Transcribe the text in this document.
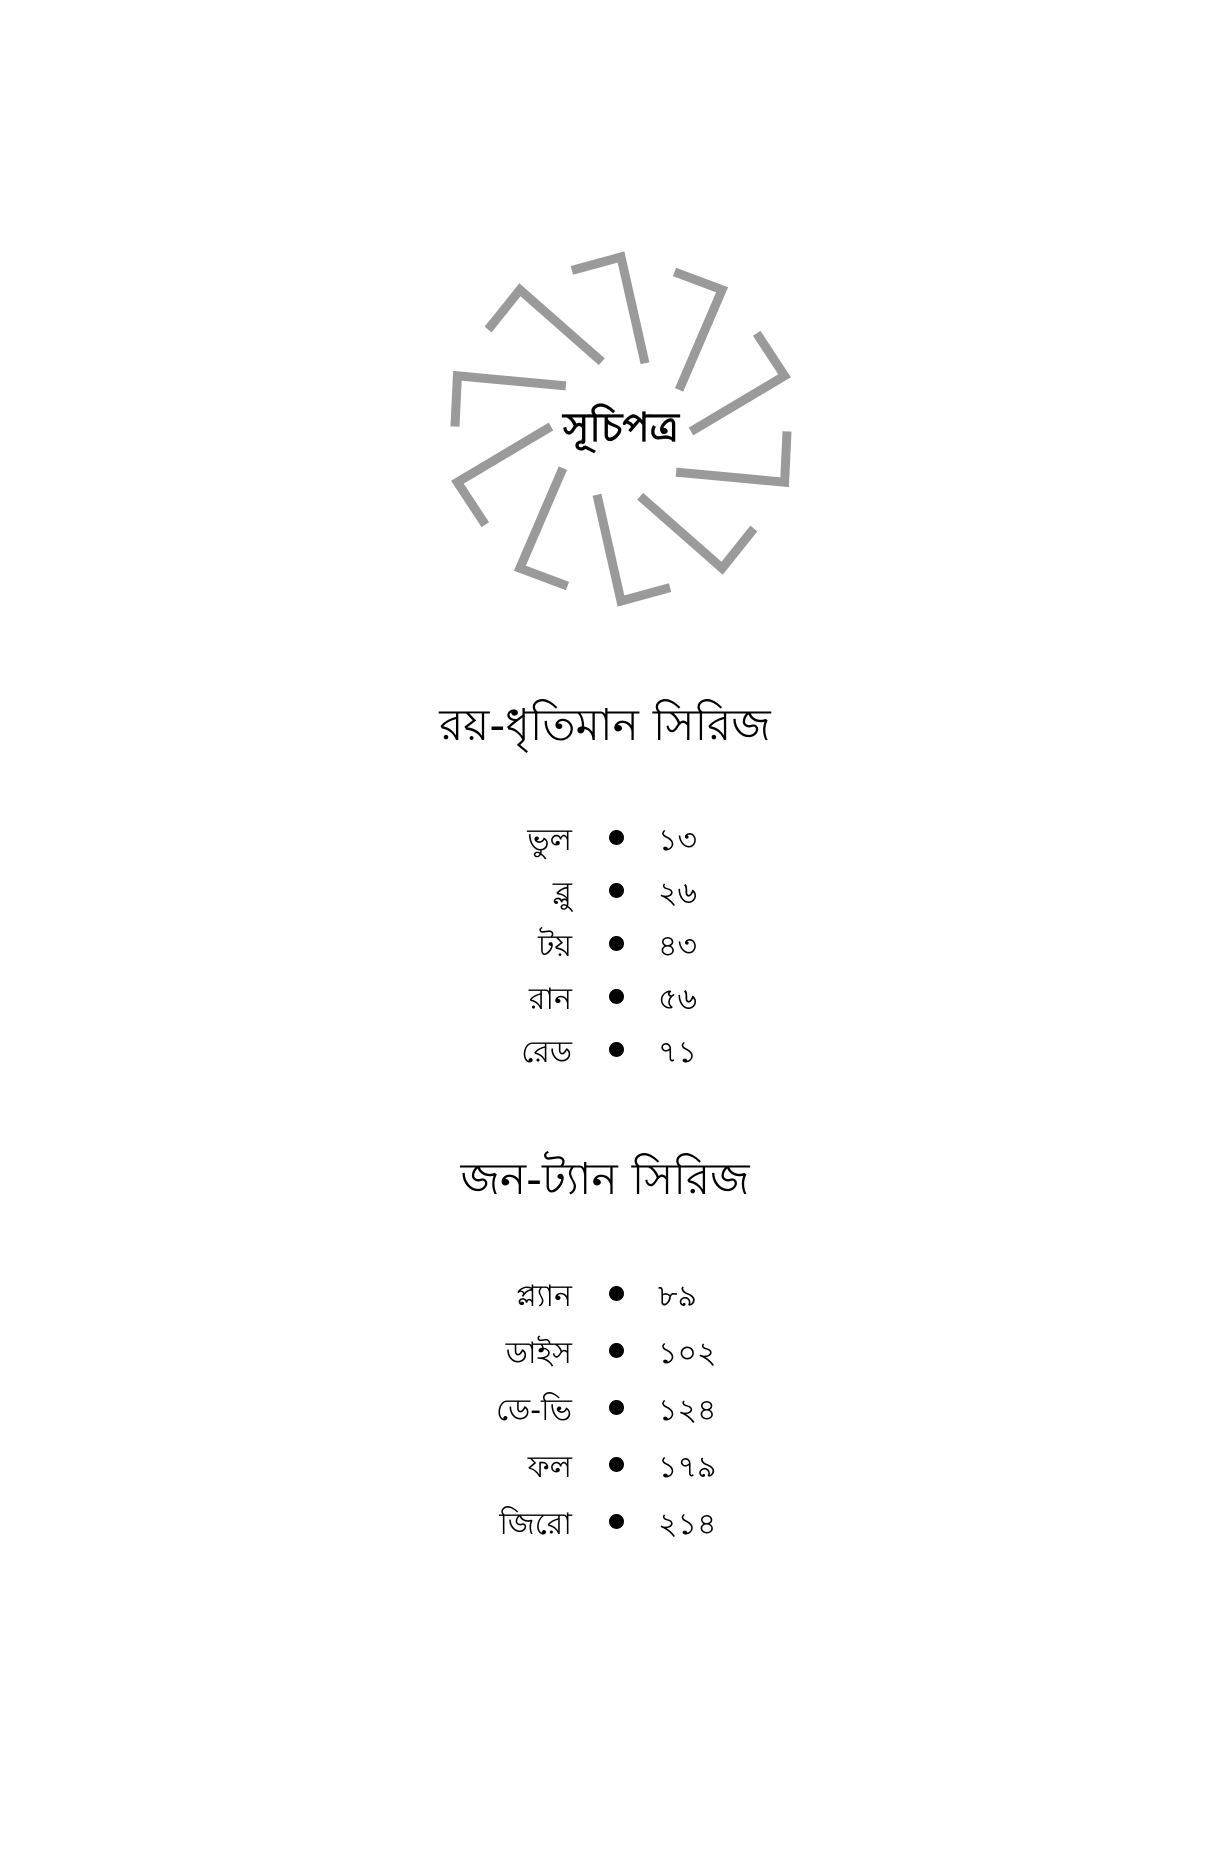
সূচিপত্র
রয়-ধৃতিমান সিরিজ
ভুল	১৩
ব্লু	২৬
টয়	৪৩
রান	৫৬
রেড	৭১
জন-ট্যান সিরিজ
প্ল্যান	৮৯
ডাইস	১০২
ডে-ভি	১২৪
ফল	১৭৯
জিরো	২১৪
